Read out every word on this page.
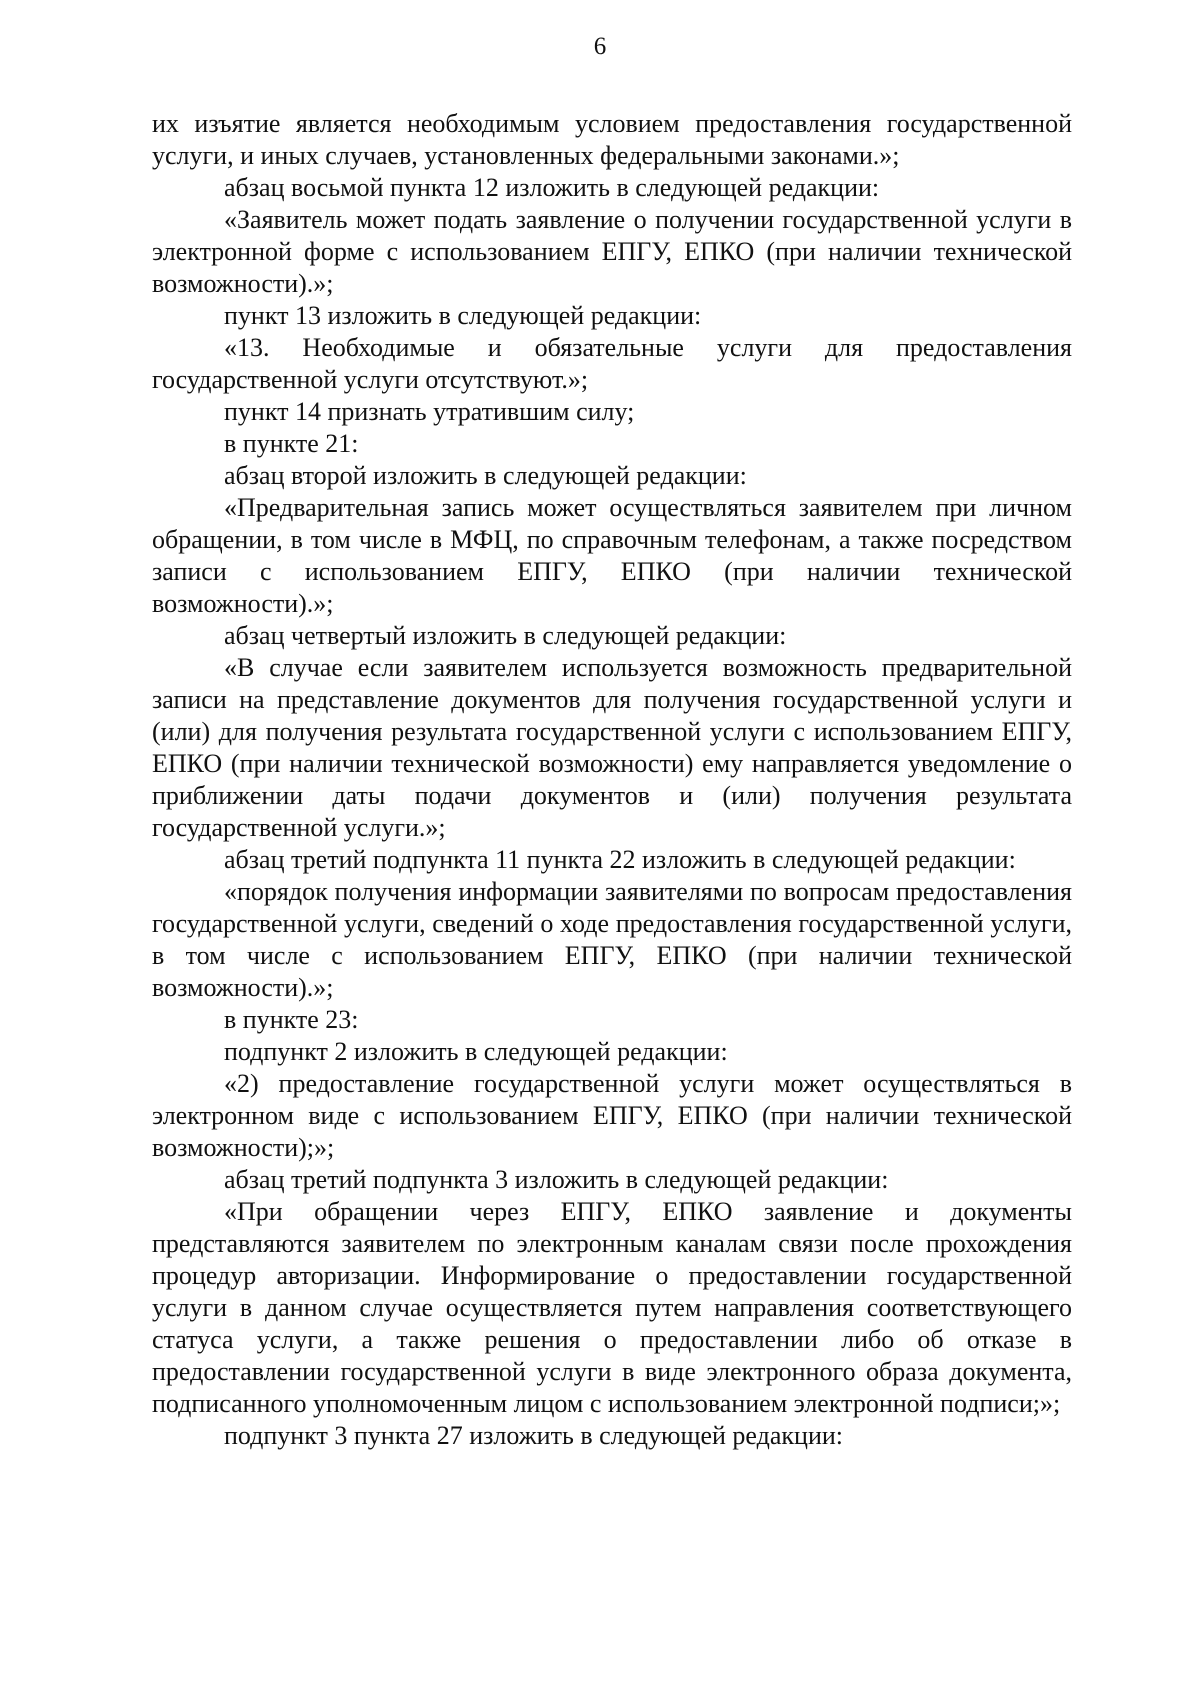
6

их изъятие является необходимым условием предоставления государственной услуги, и иных случаев, установленных федеральными законами.»;

абзац восьмой пункта 12 изложить в следующей редакции:

«Заявитель может подать заявление о получении государственной услуги в электронной форме с использованием ЕПГУ, ЕПКО (при наличии технической возможности).»;

пункт 13 изложить в следующей редакции:

«13. Необходимые и обязательные услуги для предоставления государственной услуги отсутствуют.»;

пункт 14 признать утратившим силу;

в пункте 21:

абзац второй изложить в следующей редакции:

«Предварительная запись может осуществляться заявителем при личном обращении, в том числе в МФЦ, по справочным телефонам, а также посредством записи с использованием ЕПГУ, ЕПКО (при наличии технической возможности).»;

абзац четвертый изложить в следующей редакции:

«В случае если заявителем используется возможность предварительной записи на представление документов для получения государственной услуги и (или) для получения результата государственной услуги с использованием ЕПГУ, ЕПКО (при наличии технической возможности) ему направляется уведомление о приближении даты подачи документов и (или) получения результата государственной услуги.»;

абзац третий подпункта 11 пункта 22 изложить в следующей редакции:

«порядок получения информации заявителями по вопросам предоставления государственной услуги, сведений о ходе предоставления государственной услуги, в том числе с использованием ЕПГУ, ЕПКО (при наличии технической возможности).»;

в пункте 23:

подпункт 2 изложить в следующей редакции:

«2) предоставление государственной услуги может осуществляться в электронном виде с использованием ЕПГУ, ЕПКО (при наличии технической возможности);»;

абзац третий подпункта 3 изложить в следующей редакции:

«При обращении через ЕПГУ, ЕПКО заявление и документы представляются заявителем по электронным каналам связи после прохождения процедур авторизации. Информирование о предоставлении государственной услуги в данном случае осуществляется путем направления соответствующего статуса услуги, а также решения о предоставлении либо об отказе в предоставлении государственной услуги в виде электронного образа документа, подписанного уполномоченным лицом с использованием электронной подписи;»;

подпункт 3 пункта 27 изложить в следующей редакции:
